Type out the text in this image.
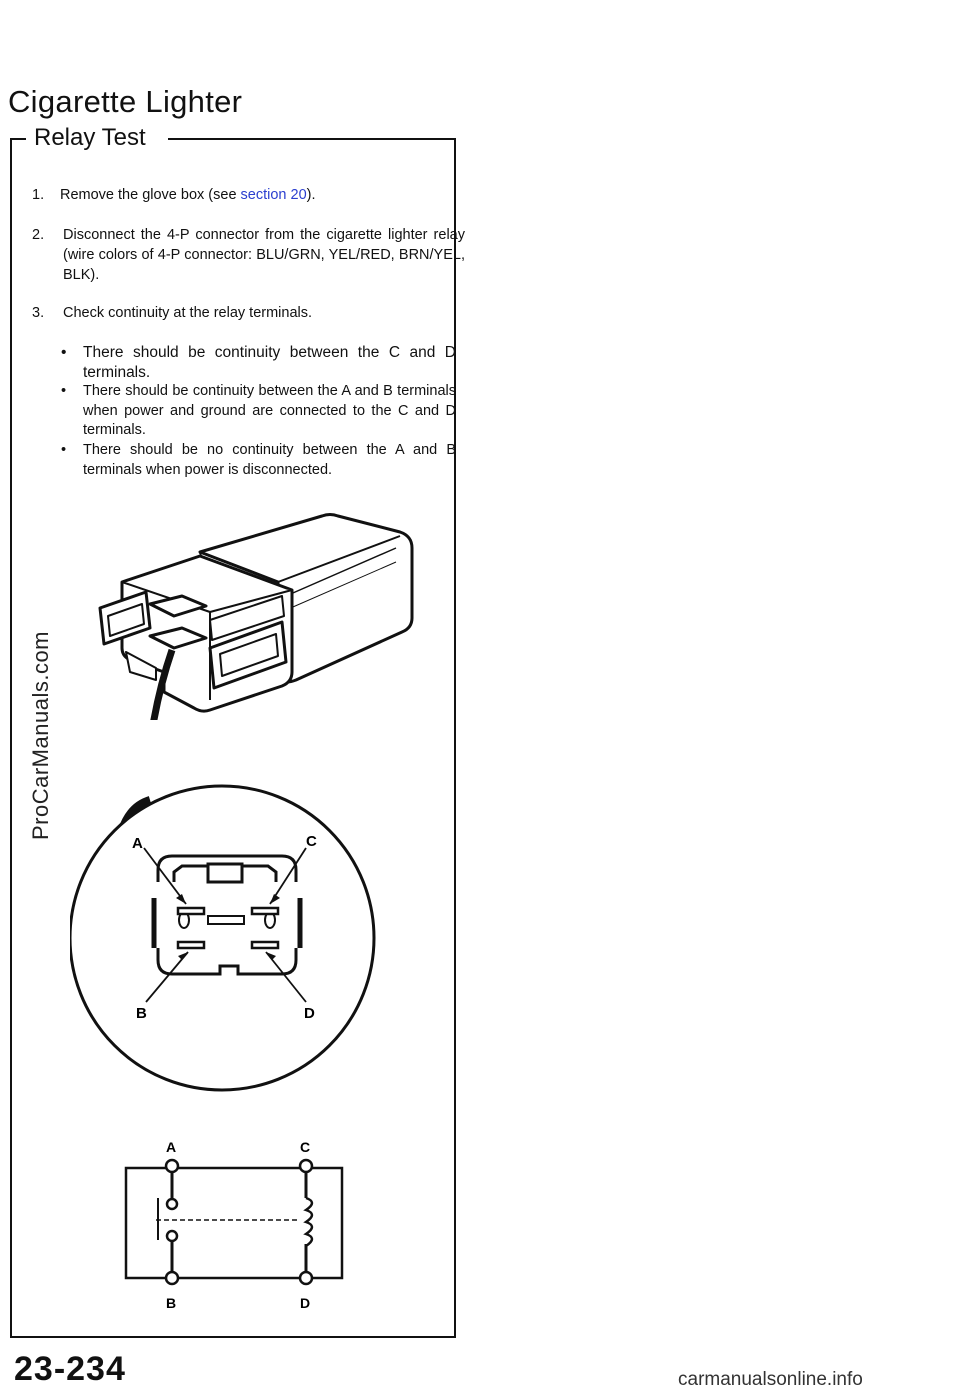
Cigarette Lighter
Relay Test
1. Remove the glove box (see section 20).
2. Disconnect the 4-P connector from the cigarette lighter relay (wire colors of 4-P connector: BLU/GRN, YEL/RED, BRN/YEL, BLK).
3. Check continuity at the relay terminals.
• There should be continuity between the C and D terminals.
• There should be continuity between the A and B terminals when power and ground are connected to the C and D terminals.
• There should be no continuity between the A and B terminals when power is disconnected.
A	C
B	D
A	C
B	D
ProCarManuals.com
23-234	carmanualsonline.info
